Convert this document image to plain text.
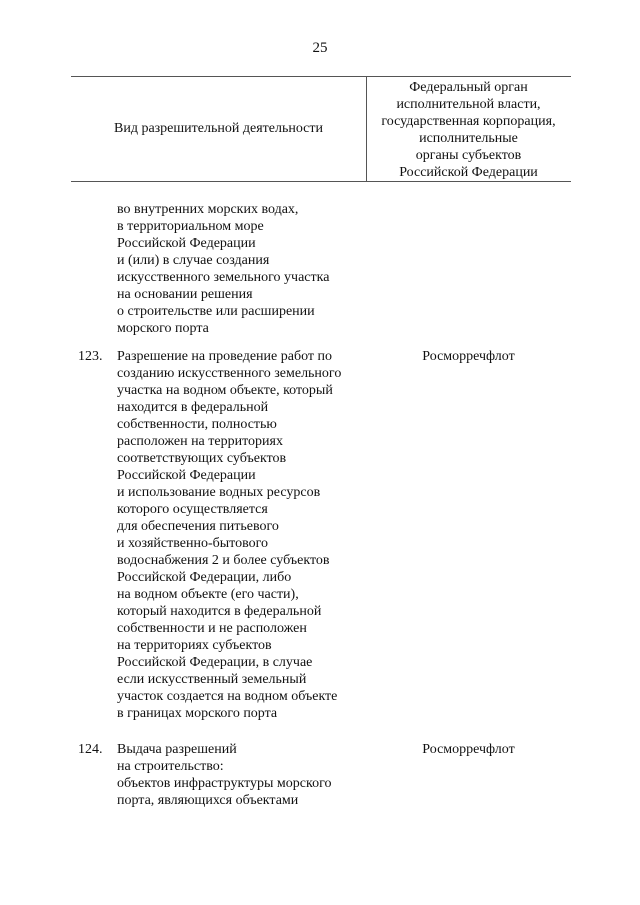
25
Вид разрешительной деятельности
Федеральный орган
исполнительной власти,
государственная корпорация,
исполнительные
органы субъектов
Российской Федерации
во внутренних морских водах,
в территориальном море
Российской Федерации
и (или) в случае создания
искусственного земельного участка
на основании решения
о строительстве или расширении
морского порта
123. Разрешение на проведение работ по
созданию искусственного земельного
участка на водном объекте, который
находится в федеральной
собственности, полностью
расположен на территориях
соответствующих субъектов
Российской Федерации
и использование водных ресурсов
которого осуществляется
для обеспечения питьевого
и хозяйственно-бытового
водоснабжения 2 и более субъектов
Российской Федерации, либо
на водном объекте (его части),
который находится в федеральной
собственности и не расположен
на территориях субъектов
Российской Федерации, в случае
если искусственный земельный
участок создается на водном объекте
в границах морского порта
Росморречфлот
124. Выдача разрешений
на строительство:
объектов инфраструктуры морского
порта, являющихся объектами
Росморречфлот
